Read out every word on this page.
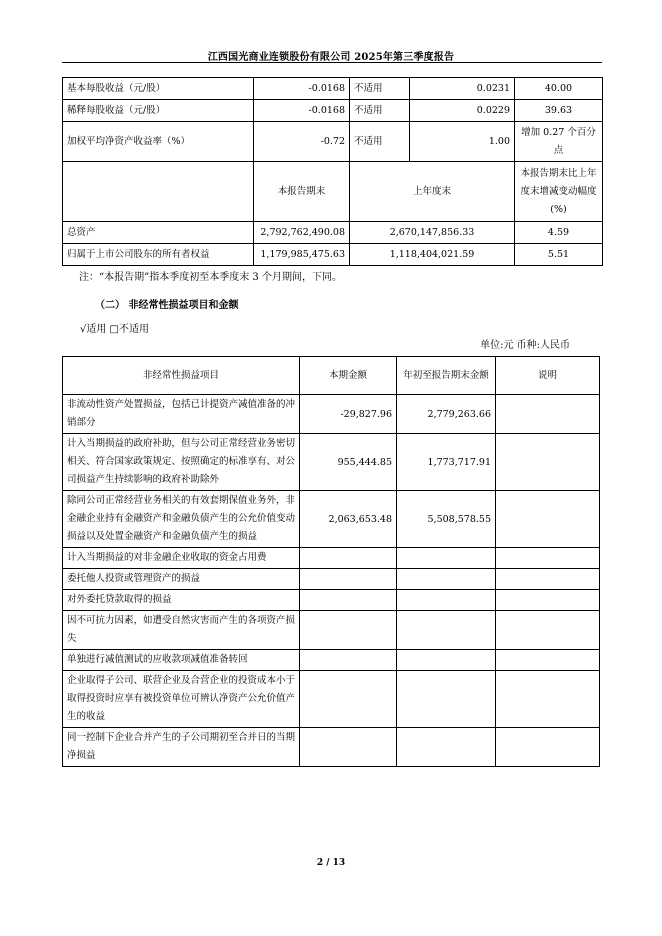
江西国光商业连锁股份有限公司 2025年第三季度报告
基本每股收益（元/股）	-0.0168	不适用	0.0231	40.00
稀释每股收益（元/股）	-0.0168	不适用	0.0229	39.63
加权平均净资产收益率（%）	-0.72	不适用	1.00	增加 0.27 个百分点
	本报告期末	上年度末		本报告期末比上年度末增减变动幅度(%)
总资产	2,792,762,490.08	2,670,147,856.33		4.59
归属于上市公司股东的所有者权益	1,179,985,475.63	1,118,404,021.59		5.51
注：“本报告期”指本季度初至本季度末 3 个月期间，下同。
（二） 非经常性损益项目和金额
√适用 □不适用
单位:元 币种:人民币
非经常性损益项目	本期金额	年初至报告期末金额	说明
非流动性资产处置损益，包括已计提资产减值准备的冲销部分	-29,827.96	2,779,263.66	
计入当期损益的政府补助，但与公司正常经营业务密切相关、符合国家政策规定、按照确定的标准享有、对公司损益产生持续影响的政府补助除外	955,444.85	1,773,717.91	
除同公司正常经营业务相关的有效套期保值业务外，非金融企业持有金融资产和金融负债产生的公允价值变动损益以及处置金融资产和金融负债产生的损益	2,063,653.48	5,508,578.55	
计入当期损益的对非金融企业收取的资金占用费			
委托他人投资或管理资产的损益			
对外委托贷款取得的损益			
因不可抗力因素，如遭受自然灾害而产生的各项资产损失			
单独进行减值测试的应收款项减值准备转回			
企业取得子公司、联营企业及合营企业的投资成本小于取得投资时应享有被投资单位可辨认净资产公允价值产生的收益			
同一控制下企业合并产生的子公司期初至合并日的当期净损益			
2 / 13
